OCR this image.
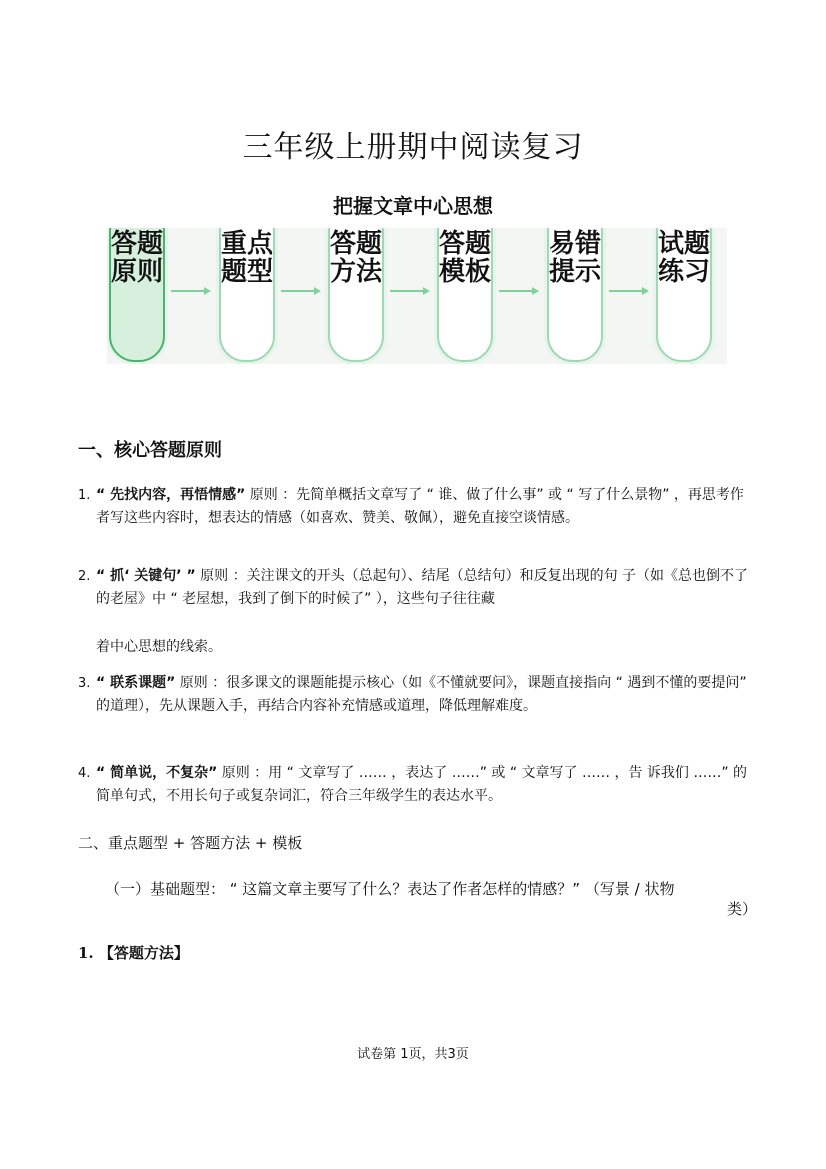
三年级上册期中阅读复习
把握文章中心思想
答题原则
重点题型
答题方法
答题模板
易错提示
试题练习
一、核心答题原则
1. “ 先找内容，再悟情感” 原则 ：先简单概括文章写了 “ 谁、做了什么事” 或 “ 写了什么景物” ，再思考作者写这些内容时，想表达的情感（如喜欢、赞美、敬佩），避免直接空谈情感。
2. “ 抓‘ 关键句’ ” 原则 ：关注课文的开头（总起句）、结尾（总结句）和反复出现的句 子（如《总也倒不了的老屋》中 “ 老屋想，我到了倒下的时候了” ），这些句子往往藏
着中心思想的线索。
3. “ 联系课题” 原则 ：很多课文的课题能提示核心（如《不懂就要问》，课题直接指向 “ 遇到不懂的要提问” 的道理），先从课题入手，再结合内容补充情感或道理，降低理解难度。
4. “ 简单说，不复杂” 原则 ：用 “ 文章写了 …… ，表达了 ……” 或 “ 文章写了 …… ，告 诉我们 ……” 的简单句式，不用长句子或复杂词汇，符合三年级学生的表达水平。
二、重点题型 + 答题方法 + 模板
（一）基础题型： “ 这篇文章主要写了什么？表达了作者怎样的情感？” （写景 / 状物
类）
1. 【答题方法】
试卷第 1页，共3页
